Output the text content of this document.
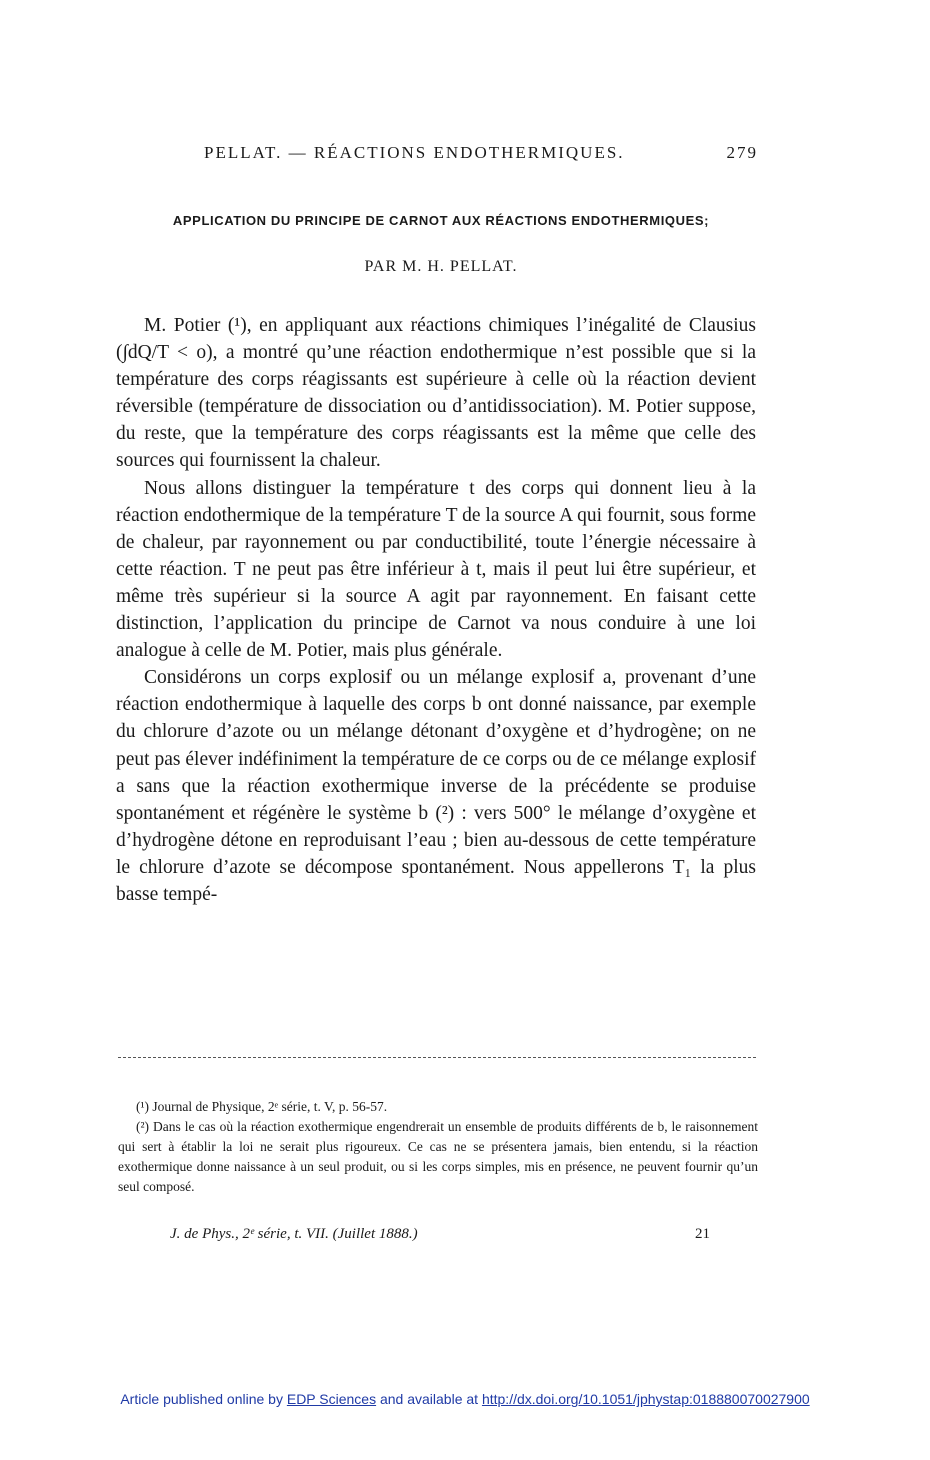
PELLAT. — RÉACTIONS ENDOTHERMIQUES.	279
APPLICATION DU PRINCIPE DE CARNOT AUX RÉACTIONS ENDOTHERMIQUES;
PAR M. H. PELLAT.

M. Potier (¹), en appliquant aux réactions chimiques l’inégalité de Clausius (∫dQ/T < o), a montré qu’une réaction endothermique n’est possible que si la température des corps réagissants est supérieure à celle où la réaction devient réversible (température de dissociation ou d’antidissociation). M. Potier suppose, du reste, que la température des corps réagissants est la même que celle des sources qui fournissent la chaleur.

Nous allons distinguer la température t des corps qui donnent lieu à la réaction endothermique de la température T de la source A qui fournit, sous forme de chaleur, par rayonnement ou par conductibilité, toute l’énergie nécessaire à cette réaction. T ne peut pas être inférieur à t, mais il peut lui être supérieur, et même très supérieur si la source A agit par rayonnement. En faisant cette distinction, l’application du principe de Carnot va nous conduire à une loi analogue à celle de M. Potier, mais plus générale.

Considérons un corps explosif ou un mélange explosif a, provenant d’une réaction endothermique à laquelle des corps b ont donné naissance, par exemple du chlorure d’azote ou un mélange détonant d’oxygène et d’hydrogène; on ne peut pas élever indéfiniment la température de ce corps ou de ce mélange explosif a sans que la réaction exothermique inverse de la précédente se produise spontanément et régénère le système b (²) : vers 500° le mélange d’oxygène et d’hydrogène détone en reproduisant l’eau ; bien au-dessous de cette température le chlorure d’azote se décompose spontanément. Nous appellerons T₁ la plus basse tempé-

(¹) Journal de Physique, 2ᵉ série, t. V, p. 56-57.

(²) Dans le cas où la réaction exothermique engendrerait un ensemble de produits différents de b, le raisonnement qui sert à établir la loi ne serait plus rigoureux. Ce cas ne se présentera jamais, bien entendu, si la réaction exothermique donne naissance à un seul produit, ou si les corps simples, mis en présence, ne peuvent fournir qu’un seul composé.

J. de Phys., 2ᵉ série, t. VII. (Juillet 1888.)	21
Article published online by EDP Sciences and available at http://dx.doi.org/10.1051/jphystap:018880070027900
